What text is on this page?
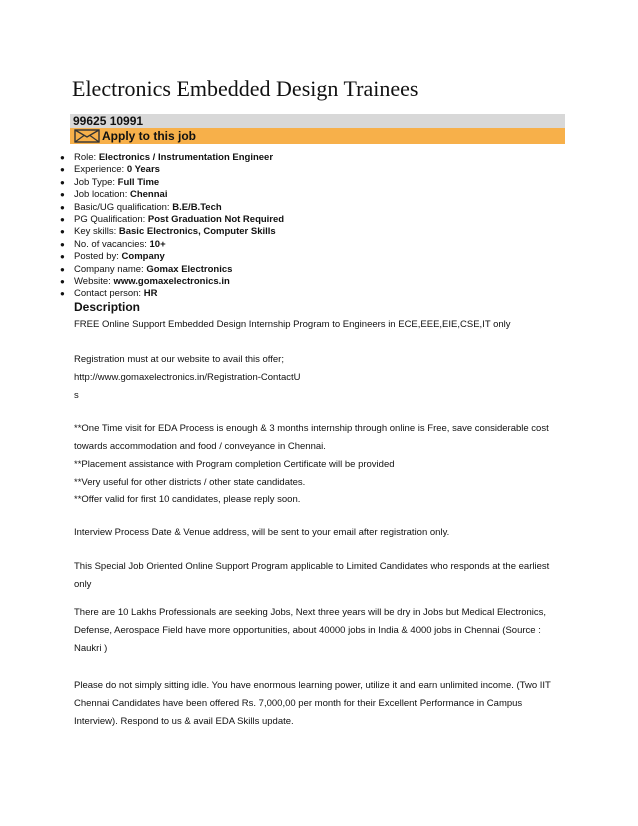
Electronics Embedded Design Trainees
99625 10991
Apply to this job
● Role: Electronics / Instrumentation Engineer
● Experience: 0 Years
● Job Type: Full Time
● Job location: Chennai
● Basic/UG qualification: B.E/B.Tech
● PG Qualification: Post Graduation Not Required
● Key skills: Basic Electronics, Computer Skills
● No. of vacancies: 10+
● Posted by: Company
● Company name: Gomax Electronics
● Website: www.gomaxelectronics.in
● Contact person: HR
Description

FREE Online Support Embedded Design Internship Program to Engineers in ECE,EEE,EIE,CSE,IT only

Registration must at our website to avail this offer;

http://www.gomaxelectronics.in/Registration-ContactU

s

**One Time visit for EDA Process is enough & 3 months internship through online is Free, save considerable cost towards accommodation and food / conveyance in Chennai.

**Placement assistance with Program completion Certificate will be provided

**Very useful for other districts / other state candidates.

**Offer valid for first 10 candidates, please reply soon.

Interview Process Date & Venue address, will be sent to your email after registration only.

This Special Job Oriented Online Support Program applicable to Limited Candidates who responds at the earliest only

There are 10 Lakhs Professionals are seeking Jobs, Next three years will be dry in Jobs but Medical Electronics, Defense, Aerospace Field have more opportunities, about 40000 jobs in India & 4000 jobs in Chennai (Source : Naukri )

Please do not simply sitting idle. You have enormous learning power, utilize it and earn unlimited income. (Two IIT Chennai Candidates have been offered Rs. 7,000,00 per month for their Excellent Performance in Campus Interview). Respond to us & avail EDA Skills update.
